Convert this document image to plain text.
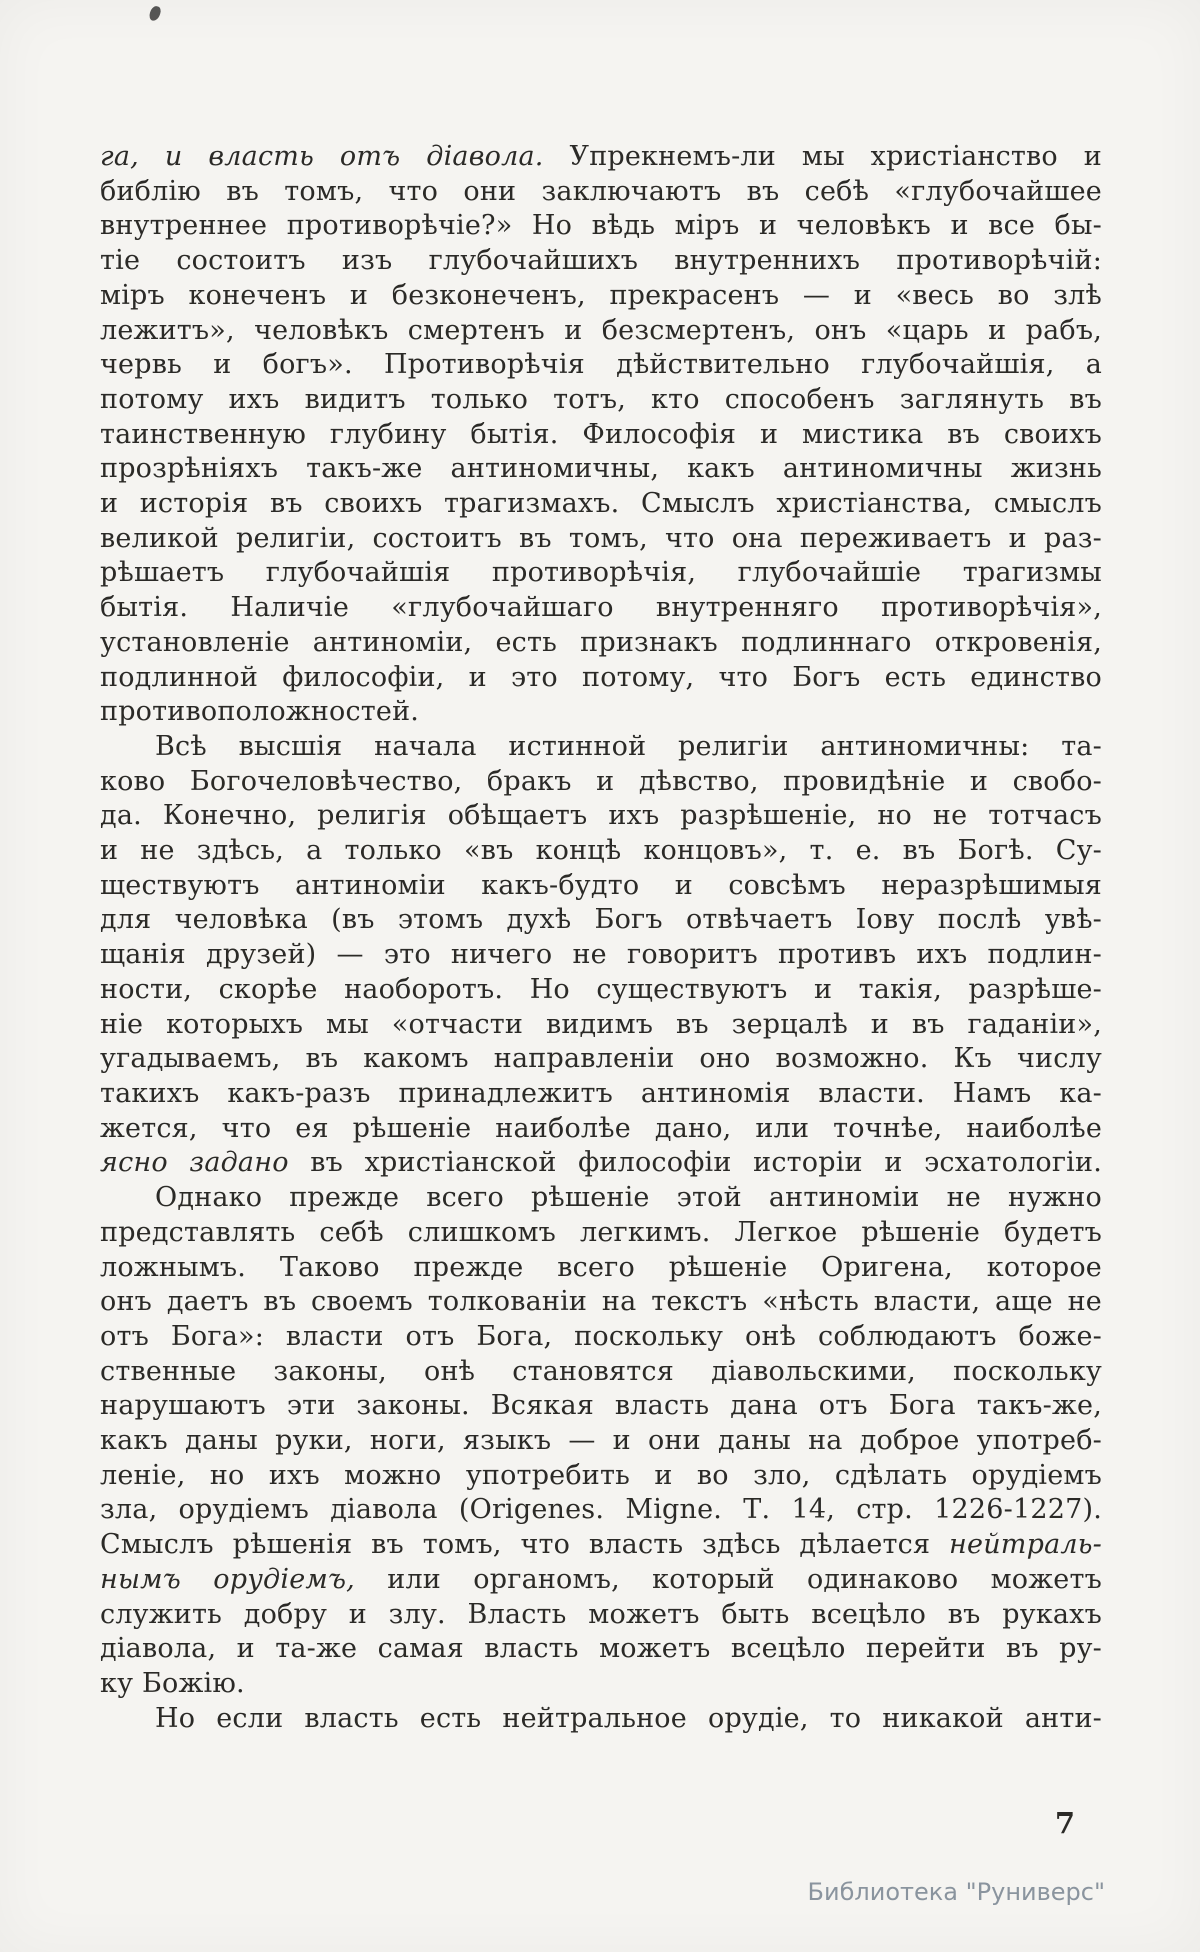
га, и власть отъ діавола. Упрекнемъ-ли мы христіанство и
библію въ томъ, что они заключаютъ въ себѣ «глубочайшее
внутреннее противорѣчіе?» Но вѣдь міръ и человѣкъ и все бы-
тіе состоитъ изъ глубочайшихъ внутреннихъ противорѣчій:
міръ конеченъ и безконеченъ, прекрасенъ — и «весь во злѣ
лежитъ», человѣкъ смертенъ и безсмертенъ, онъ «царь и рабъ,
червь и богъ». Противорѣчія дѣйствительно глубочайшія, а
потому ихъ видитъ только тотъ, кто способенъ заглянуть въ
таинственную глубину бытія. Философія и мистика въ своихъ
прозрѣніяхъ такъ-же антиномичны, какъ антиномичны жизнь
и исторія въ своихъ трагизмахъ. Смыслъ христіанства, смыслъ
великой религіи, состоитъ въ томъ, что она переживаетъ и раз-
рѣшаетъ глубочайшія противорѣчія, глубочайшіе трагизмы
бытія. Наличіе «глубочайшаго внутренняго противорѣчія»,
установленіе антиноміи, есть признакъ подлиннаго откровенія,
подлинной философіи, и это потому, что Богъ есть единство
противоположностей.
Всѣ высшія начала истинной религіи антиномичны: та-
ково Богочеловѣчество, бракъ и дѣвство, провидѣніе и свобо-
да. Конечно, религія обѣщаетъ ихъ разрѣшеніе, но не тотчасъ
и не здѣсь, а только «въ концѣ концовъ», т. е. въ Богѣ. Су-
ществуютъ антиноміи какъ-будто и совсѣмъ неразрѣшимыя
для человѣка (въ этомъ духѣ Богъ отвѣчаетъ Іову послѣ увѣ-
щанія друзей) — это ничего не говоритъ противъ ихъ подлин-
ности, скорѣе наоборотъ. Но существуютъ и такія, разрѣше-
ніе которыхъ мы «отчасти видимъ въ зерцалѣ и въ гаданіи»,
угадываемъ, въ какомъ направленіи оно возможно. Къ числу
такихъ какъ-разъ принадлежитъ антиномія власти. Намъ ка-
жется, что ея рѣшеніе наиболѣе дано, или точнѣе, наиболѣе
ясно задано въ христіанской философіи исторіи и эсхатологіи.
Однако прежде всего рѣшеніе этой антиноміи не нужно
представлять себѣ слишкомъ легкимъ. Легкое рѣшеніе будетъ
ложнымъ. Таково прежде всего рѣшеніе Оригена, которое
онъ даетъ въ своемъ толкованіи на текстъ «нѣсть власти, аще не
отъ Бога»: власти отъ Бога, поскольку онѣ соблюдаютъ боже-
ственные законы, онѣ становятся діавольскими, поскольку
нарушаютъ эти законы. Всякая власть дана отъ Бога такъ-же,
какъ даны руки, ноги, языкъ — и они даны на доброе употреб-
леніе, но ихъ можно употребить и во зло, сдѣлать орудіемъ
зла, орудіемъ діавола (Origenes. Migne. Т. 14, стр. 1226-1227).
Смыслъ рѣшенія въ томъ, что власть здѣсь дѣлается нейтраль-
нымъ орудіемъ, или органомъ, который одинаково можетъ
служить добру и злу. Власть можетъ быть всецѣло въ рукахъ
діавола, и та-же самая власть можетъ всецѣло перейти въ ру-
ку Божію.
Но если власть есть нейтральное орудіе, то никакой анти-
7
Библиотека "Руниверс"
